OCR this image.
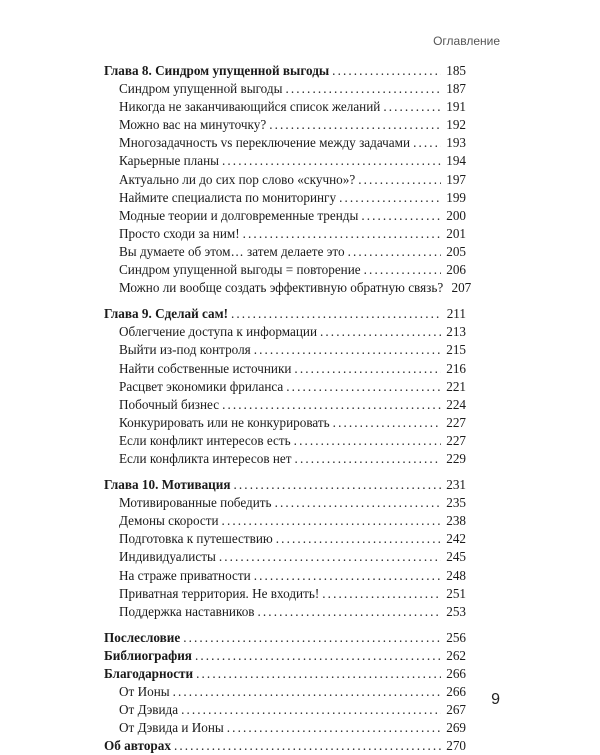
Оглавление
Глава 8. Синдром упущенной выгоды . . .	185
Синдром упущенной выгоды . . .	187
Никогда не заканчивающийся список желаний . . .	191
Можно вас на минуточку? . . .	192
Многозадачность vs переключение между задачами . . .	193
Карьерные планы . . .	194
Актуально ли до сих пор слово «скучно»? . . .	197
Наймите специалиста по мониторингу . . .	199
Модные теории и долговременные тренды . . .	200
Просто сходи за ним! . . .	201
Вы думаете об этом… затем делаете это . . .	205
Синдром упущенной выгоды = повторение . . .	206
Можно ли вообще создать эффективную обратную связь? 207
Глава 9. Сделай сам! . . .	211
Облегчение доступа к информации . . .	213
Выйти из-под контроля . . .	215
Найти собственные источники . . .	216
Расцвет экономики фриланса . . .	221
Побочный бизнес . . .	224
Конкурировать или не конкурировать . . .	227
Если конфликт интересов есть . . .	227
Если конфликта интересов нет . . .	229
Глава 10. Мотивация . . .	231
Мотивированные победить . . .	235
Демоны скорости . . .	238
Подготовка к путешествию . . .	242
Индивидуалисты . . .	245
На страже приватности . . .	248
Приватная территория. Не входить! . . .	251
Поддержка наставников . . .	253
Послесловие . . .	256
Библиография . . .	262
Благодарности . . .	266
От Ионы . . .	266
От Дэвида . . .	267
От Дэвида и Ионы . . .	269
Об авторах . . .	270
9
